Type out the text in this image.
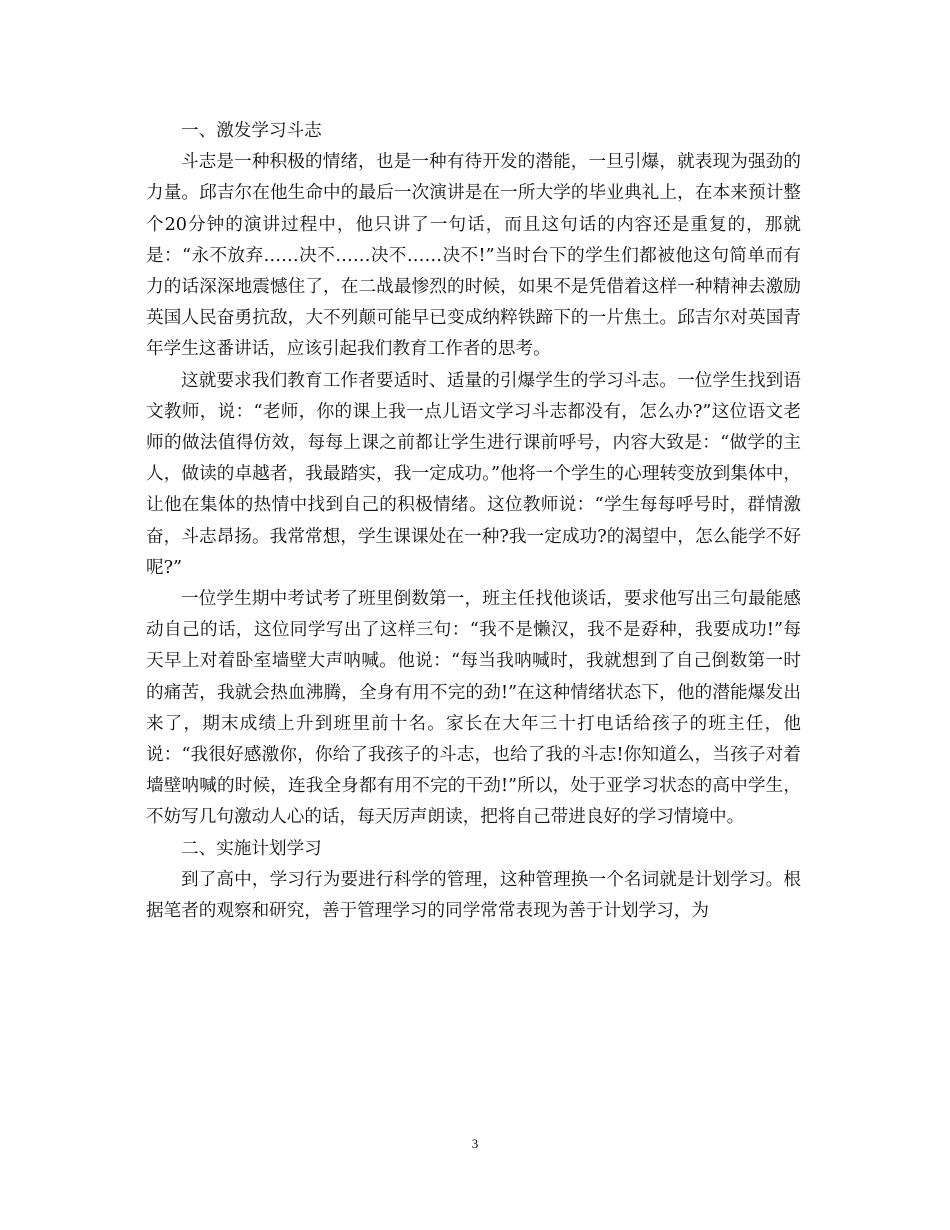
一、激发学习斗志

斗志是一种积极的情绪，也是一种有待开发的潜能，一旦引爆，就表现为强劲的力量。邱吉尔在他生命中的最后一次演讲是在一所大学的毕业典礼上，在本来预计整个20分钟的演讲过程中，他只讲了一句话，而且这句话的内容还是重复的，那就是：“永不放弃……决不……决不……决不!”当时台下的学生们都被他这句简单而有力的话深深地震憾住了，在二战最惨烈的时候，如果不是凭借着这样一种精神去激励英国人民奋勇抗敌，大不列颠可能早已变成纳粹铁蹄下的一片焦土。邱吉尔对英国青年学生这番讲话，应该引起我们教育工作者的思考。

这就要求我们教育工作者要适时、适量的引爆学生的学习斗志。一位学生找到语文教师，说：“老师，你的课上我一点儿语文学习斗志都没有，怎么办?”这位语文老师的做法值得仿效，每每上课之前都让学生进行课前呼号，内容大致是：“做学的主人，做读的卓越者，我最踏实，我一定成功。”他将一个学生的心理转变放到集体中，让他在集体的热情中找到自己的积极情绪。这位教师说：“学生每每呼号时，群情激奋，斗志昂扬。我常常想，学生课课处在一种?我一定成功?的渴望中，怎么能学不好呢?”

一位学生期中考试考了班里倒数第一，班主任找他谈话，要求他写出三句最能感动自己的话，这位同学写出了这样三句：“我不是懒汉，我不是孬种，我要成功!”每天早上对着卧室墙壁大声呐喊。他说：“每当我呐喊时，我就想到了自己倒数第一时的痛苦，我就会热血沸腾，全身有用不完的劲!”在这种情绪状态下，他的潜能爆发出来了，期末成绩上升到班里前十名。家长在大年三十打电话给孩子的班主任，他说：“我很好感激你，你给了我孩子的斗志，也给了我的斗志!你知道么，当孩子对着墙壁呐喊的时候，连我全身都有用不完的干劲!”所以，处于亚学习状态的高中学生，不妨写几句激动人心的话，每天厉声朗读，把将自己带进良好的学习情境中。

二、实施计划学习

到了高中，学习行为要进行科学的管理，这种管理换一个名词就是计划学习。根据笔者的观察和研究，善于管理学习的同学常常表现为善于计划学习，为

3
